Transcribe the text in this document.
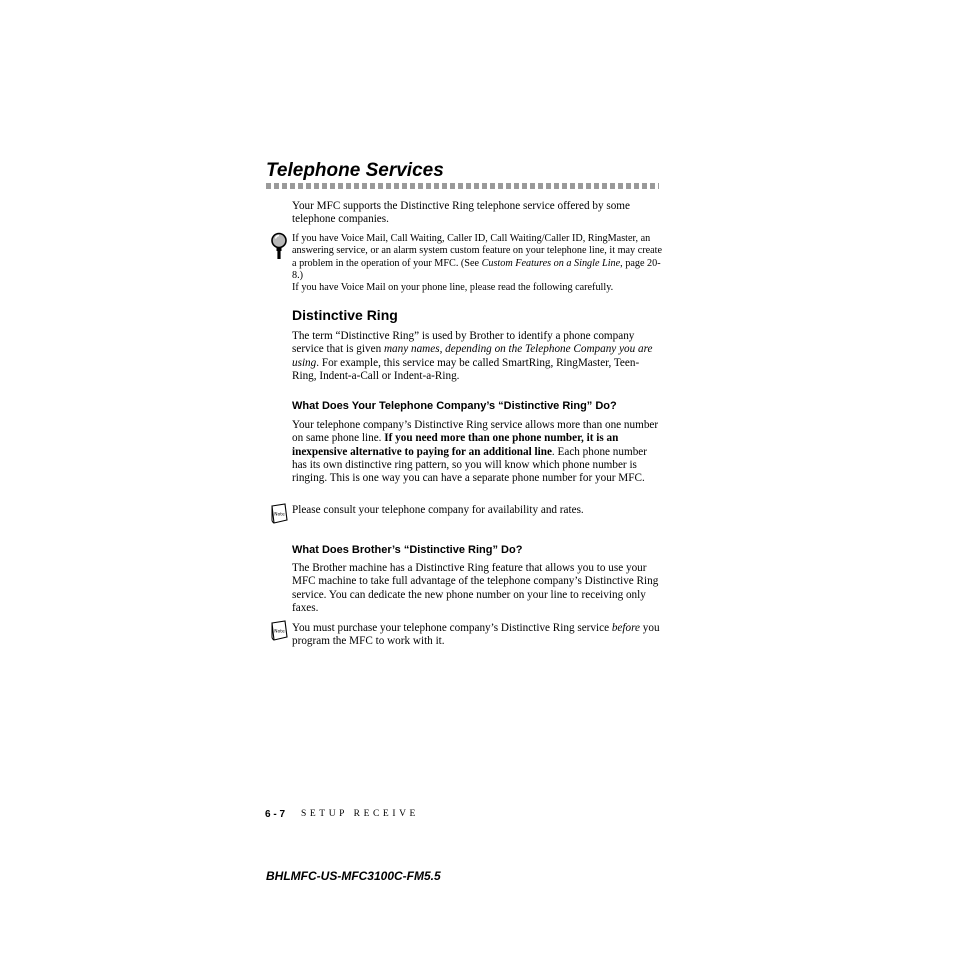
Telephone Services
Your MFC supports the Distinctive Ring telephone service offered by some telephone companies.
If you have Voice Mail, Call Waiting, Caller ID, Call Waiting/Caller ID, RingMaster, an answering service, or an alarm system custom feature on your telephone line, it may create a problem in the operation of your MFC. (See Custom Features on a Single Line, page 20-8.)
If you have Voice Mail on your phone line, please read the following carefully.
Distinctive Ring
The term “Distinctive Ring” is used by Brother to identify a phone company service that is given many names, depending on the Telephone Company you are using. For example, this service may be called SmartRing, RingMaster, Teen-Ring, Indent-a-Call or Indent-a-Ring.
What Does Your Telephone Company’s “Distinctive Ring” Do?
Your telephone company’s Distinctive Ring service allows more than one number on same phone line. If you need more than one phone number, it is an inexpensive alternative to paying for an additional line. Each phone number has its own distinctive ring pattern, so you will know which phone number is ringing. This is one way you can have a separate phone number for your MFC.
Note Please consult your telephone company for availability and rates.
What Does Brother’s “Distinctive Ring” Do?
The Brother machine has a Distinctive Ring feature that allows you to use your MFC machine to take full advantage of the telephone company’s Distinctive Ring service. You can dedicate the new phone number on your line to receiving only faxes.
Note You must purchase your telephone company’s Distinctive Ring service before you program the MFC to work with it.
6 - 7 SETUP RECEIVE
BHLMFC-US-MFC3100C-FM5.5
